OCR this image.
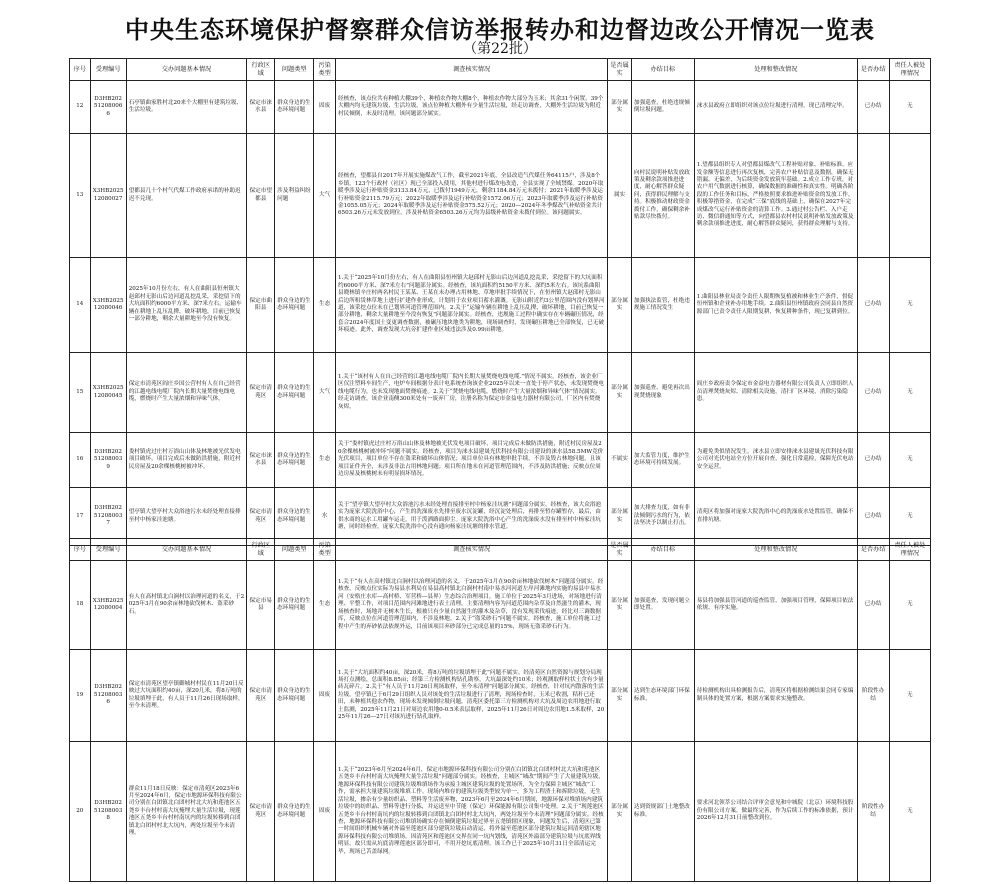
中央生态环境保护督察群众信访举报转办和边督边改公开情况一览表
（第22批）
序号	受理编号	交办问题基本情况	行政区域	问题类型	污染类型	调查核实情况	是否属实	办结目标	处理和整改情况	是否办结	责任人被处理情况
12	D3HB202512080066	石亭镇曲家胜村北20来个大棚里有建筑垃圾、生活垃圾。	保定市涞水县	群众身边的生态环境问题	固废	经核查，该点位共有种植大棚39个，种植农作物大棚8个，种植农作物大部分为玉米；其余31个闲置。39个大棚内均无建筑垃圾、生活垃圾。该点位种植大棚外有少量生活垃圾，经走访调查，大棚外生活垃圾为附近村民倾倒，未及时清理。该问题部分属实。	部分属实	加强巡查，杜绝违规倾倒垃圾问题。	涞水县政府立即组织对该点位垃圾进行清理，现已清理完毕。	已办结	无
13	X3HB202512080027	望都县几十个村气代煤工作政府承诺的补助迟迟不兑现。	保定市望都县	涉及利益纠纷问题	大气	经核查，望都县自2017年开展实施煤改气工作，截至2021年底，全县改造气代煤任务64115户，涉及8个乡镇，123个行政村（社区）现已全部投入使用，其他村进行煤改电改造，全县实现了全域禁煤。2020年取暖季涉及运行补贴资金3133.84万元，已拨付1949万元，剩余1184.84万元未拨付；2021年取暖季涉及运行补贴资金2115.79万元；2022年取暖季涉及运行补贴资金1572.06万元；2023年取暖季涉及运行补贴资金1055.05万元；2024年取暖季涉及运行补贴资金575.52万元；2020—2024年冬季煤改气补贴资金共计6503.26万元未发放到位。涉及补贴资金6503.26万元均为县级补贴资金未拨付到位。该问题属实。	属实	向村民说明补贴发放政策及剩余款项推进进度，耐心解答群众疑问，获得群民理解与支持。积极推动财政资金拨付工作，确保剩余补贴款尽快拨付。	1.望都县组织专人对望都县煤改气工程补贴对象、补贴标准、应发金额等信息进行再次复核，完善农户补贴信息及数据，确保无错漏、无偏差，为后续资金发放筑牢基础。2.成立工作专班，对农户用气数据进行核算，确保数据的准确性和真实性。明确各阶段的工作任务和目标，严格按照要求推进补贴资金的发放工作。积极筹措资金，在完成“三保”底线的基础上，确保在2027年完成煤改气运行补贴资金的清算工作。3.通过村公告栏、入户走访、微信群通知等方式，向望都县农村村民说明补贴发放政策及剩余款项推进进度，耐心解答群众疑问，获得群众理解与支持。		
14	X3HB202512080046	2025年10月份左右，有人在曲阳县恒州镇大赵邱村无影山后边河道乱挖乱采，采挖留下的大坑面积约6000平方米、深7米左右。运输车辆在耕地上乱压乱撵，破坏耕地，目前已恢复一部分耕地，剩余大量耕地至今没有恢复。	保定市曲阳县	群众身边的生态环境问题	生态	1.关于“2025年10月份左右，有人在曲阳县恒州镇大赵邱村无影山后边河道乱挖乱采，采挖留下的大坑面积约6000平方米、深7米左右”问题部分属实。经核查，该坑面积约5150平方米、深约5米左右。该坑系曲阳县晓林镇辛庄村两名村民王某某、王某在未办理占用林地、草地审批手续情况下，在恒州镇大赵邱村无影山后边所租赁林草地上进行扩建作业形成，计划用于农业项目蓄水灌溉。无影山附近约3公里范围内没有划界河道，该采挖点位未在已划界河道管理范围内。2.关于“运输车辆在耕地上乱压乱撵，破坏耕地，目前已恢复一部分耕地，剩余大量耕地至今没有恢复”问题部分属实。经核查，违规施工过程中确实存在车辆碾压情况，经套合2024年度国土变更调查数据，被碾压地块地类为耕地，现场调查时，发现碾压耕地已全部恢复，已无破坏痕迹。此外，调查发现大坑旁扩建作业区域违法涉及0.99亩耕地。	部分属实	加强执法监管，杜绝违规施工情况发生	1.曲阳县林业局责令责任人限期恢复植被和林业生产条件，督促恒州镇和企业补办用地手续。2.曲阳县恒州镇政府会同县自然资源部门已责令责任人限期复耕，恢复耕种条件，现已复耕到位。	已办结	无
15	X3HB202512080045	保定市清苑区阎庄乡国公营村有人在自己经营的江越电线电缆厂院内长期大量焚烧电线电缆，燃烧时产生大量浓烟和异味气体。	保定市清苑区	群众身边的生态环境问题	大气	1.关于“该村有人在自己经营的江越电线电缆厂院内长期大量焚烧电线电缆.”情况不属实。经核查，该企业厂区仅注塑料车间生产，电炉车间根据分表计电系统查询该企业2025年以来一直处于停产状态，未发现焚烧电线电缆行为，也未发现地面焚烧痕迹。2.关于“焚烧电线电缆，燃烧时产生大量浓烟和异味气体”情况属实。经走访调查，该企业南侧300米处有一废弃厂房，注册名称为保定市金益电力器材有限公司，厂区内有焚烧灰烬。	部分属实	加强巡查，避免再次出现焚烧现象	阎庄乡政府责令保定市金益电力器材有限公司负责人立即组织人员清理焚烧灰烬、清除相关设施，清扫厂区环境，消除污染隐患。	已办结	无
16	D3HB202512080039	娄村镇虎过庄村万浴山山体及林地被光伏发电项目破坏，项目完成后未做防洪措施，附近村民房屋及20余棵核桃树被冲坏。	保定市涞水县	群众身边的生态环境问题	生态	关于“娄村镇虎过庄村万浴山山体及林地被光伏发电项目破坏，项目完成后未做防洪措施，附近村民房屋及20余棵核桃树被冲坏”问题不属实。经核查，项目为涞水县建晟光伏科技有限公司建设的涞水县58.5MW竞价光伏项目，项目单位不存在盗采和破坏山体情况；项目单位具有林地审批手续，不涉及毁占林地问题，且该项目证件齐全，未涉及非法占用林地问题；项目所在地未在河道管理范围内，不涉及防洪措施；反映点位周边房屋及核桃树未有明显损坏情况。	不属实	加大监管力度，维护生态环境可持续发展。	为避免类似情况发生，涞水县立即安排涞水县建晟光伏科技有限公司对光伏电站全方位开展自查，强化日常巡检，保障光伏电站安全运营。	已办结	无
17	D3HB202512080037	望亭镇大望亭村大众浴池污水未经处理直接排至村中杨家洼池塘。	保定市清苑区	群众身边的生态环境问题	水	关于“望亭镇大望亭村大众浴池污水未经处理直接排至村中杨家洼坑塘”问题部分属实。经核查，该大众浴池实为庞家大院洗浴中心，产生的洗澡废水先排至废水沉淀罐，经沉淀处理后，再排至暂存罐暂存，最后，由供水商的运水工用罐车运走，用于泼洒路面抑尘。庞家大院洗浴中心产生的洗澡废水没有排至村中杨家洼坑塘，同时经检查，庞家大院洗浴中心没有通向杨家洼坑塘的排水管道。	部分属实	加大排查力度，如有非法倾倒污水的行为，依法坚决予以制止打击。	清苑区将加强对庞家大院洗浴中心的洗澡废水处置监管，确保不直排坑塘。	已办结	无
序号	受理编号	交办问题基本情况	行政区域	问题类型	污染类型	调查核实情况	是否属实	办结目标	处理和整改情况	是否办结	责任人被处理情况
18	X3HB202512080004	有人在高村镇北白涧村以治理河道的名义，于2025年3月在90余亩林地砍伐树木、盗采砂石。	保定市易县	群众身边的生态环境问题	生态	1.关于“有人在高村镇北白涧村以治理河道的名义，于2025年3月在90余亩林地砍伐树木”问题部分属实。经核查，反映点位实际为易县水利局在易县高村镇北白涧村村南中易水河河道左岸河滩地内实施的易县中易水河（安格庄水库—高村桥、军营桥—县界）生态综合治理项目，施工单位于2025年3月进场，对场地进行清理、平整工作，对项目范围内河滩地进行表土清理，主要清理内容为河道范围内杂草及自然滋生的灌木，现场核查时，场地并无树木生长，根被只有少量自然滋生的灌木及杂草，没有发现采伐痕迹，经比对三调数据库，反映点位在河道管理范围内，不涉及林地。2.关于“盗采砂石”问题不属实。经核查，施工单位将施工过程中产生的弃砂依法依规外运，目前该项目弃砂部分已完成总量的15%，现场无盗采砂石行为。	部分属实	加强巡查，发现问题立即处置。	易县将加强县管河道的巡查监管，加强项目管理，保障项目依法依规、有序实施。	已办结	无
19	D3HB202512080036	保定市清苑区望亭镇御城村村民在11月20日反映过大坑面积约40亩，深20几米，将8万吨的垃圾填埋于此，有人员于11月26日现场取样，至今未清理。	保定市清苑区	群众身边的生态环境问题	固废	1.关于“大坑面积约40亩，深20米，将8万吨的垃圾填埋于此”问题不属实。经清苑区自然资源与规划分局现场打点测绘，总面积8.85亩；经第三方检测机构钻孔勘察，大坑最深处约10米；经观测取样柱状土含有少量砖瓦碎片。2.关于“有人员于11月26日现场取样，至今未清理”问题部分属实。经核查，针对坑内散落的生活垃圾，望亭镇已于6月29日组织人员对该处的生活垃圾进行了清理，现场检查时，玉米已收割，秸秆已还田，未种植其他农作物，现场未发现倾倒垃圾问题，清苑区委托第三方检测机构对大坑及周边农用地进行取土监测，2025年11月21日对周边农用地0-0.5米表层取样，2025年11月26日对周边农用地1.5米取样，2025年11月26—27日对该坑进行钻孔取样。	部分属实	达到生态环境部门环保标准。	待检测机构出具检测报告后，清苑区将根据检测结果会同专家编制具体的处置方案，根据方案要求实施整改。	阶段性办结	无
20	D3HB202512080038	群众11月18日反映：保定市清苑区2023年6月至2024年6月，保定市地源环保科技有限公司分别在白团镇北白团村村北大坑和莲池区五尧乡丰台村村南大坑掩埋大量生活垃圾，现莲池区五尧乡丰台村村南坑内的垃圾转移到白团镇北白团村村北大坑内，两处垃圾至今未清理。	保定市清苑区	群众身边的生态环境问题	固废	1.关于“2023年6月至2024年6月，保定市地源环保科技有限公司分别在白团镇北白团村村北大坑和莲池区五尧乡丰台村村南大坑掩埋大量生活垃圾”问题部分属实。经核查，主城区“城改”期间产生了大量建筑垃圾，地源环保科技有限公司建筑垃圾堆填场作为承接主城区建筑垃圾的处置场所，为全力保障主城区“城改”工作，需承担大量建筑垃圾堆填工作。现场内堆存的建筑垃圾类型较为单一，多为工程渣土和拆除垃圾，无生活垃圾，掺杂有少量纺织品、塑料等生活废弃物，2023年6月至2024年6月期间，地源环保对堆填场内建筑垃圾中的纺织品、塑料等进行分拣，并运送至中节能（保定）环保能源有限公司集中处理。2.关于“现莲池区五尧乡丰台村村南坑内的垃圾转移到白团镇北白团村村北大坑内，两处垃圾至今未清理”问题部分属实。经核查，地源环保科技有限公司堆填场确实存在倾倒建筑垃圾过界至五尧镇辖区现象，问题发生后，清苑区已第一时间组织机械车辆对外溢至莲池区部分建筑垃圾启动清运，将外溢至莲池区部分建筑垃圾运回清苑辖区地源环保科技有限公司堆填场。因清苑区和莲池区交界在同一坑内划线，清苑区外溢部分建筑垃圾与坑底界线明显，故只需从坑底清理莲池区部分即可，不用开挖坑底清理。该工作已于2025年10月31日全部清运完毕，现场已苫盖绿网。	部分属实	达到资规部门土地整改标准。	要求河北领萃公司结合评审会意见和中城院（北京）环境科技股份有限公司方案，做最终完善，作为后续工作的标准依据，预计2026年12月31日前整改到位。	阶段性办结	无
